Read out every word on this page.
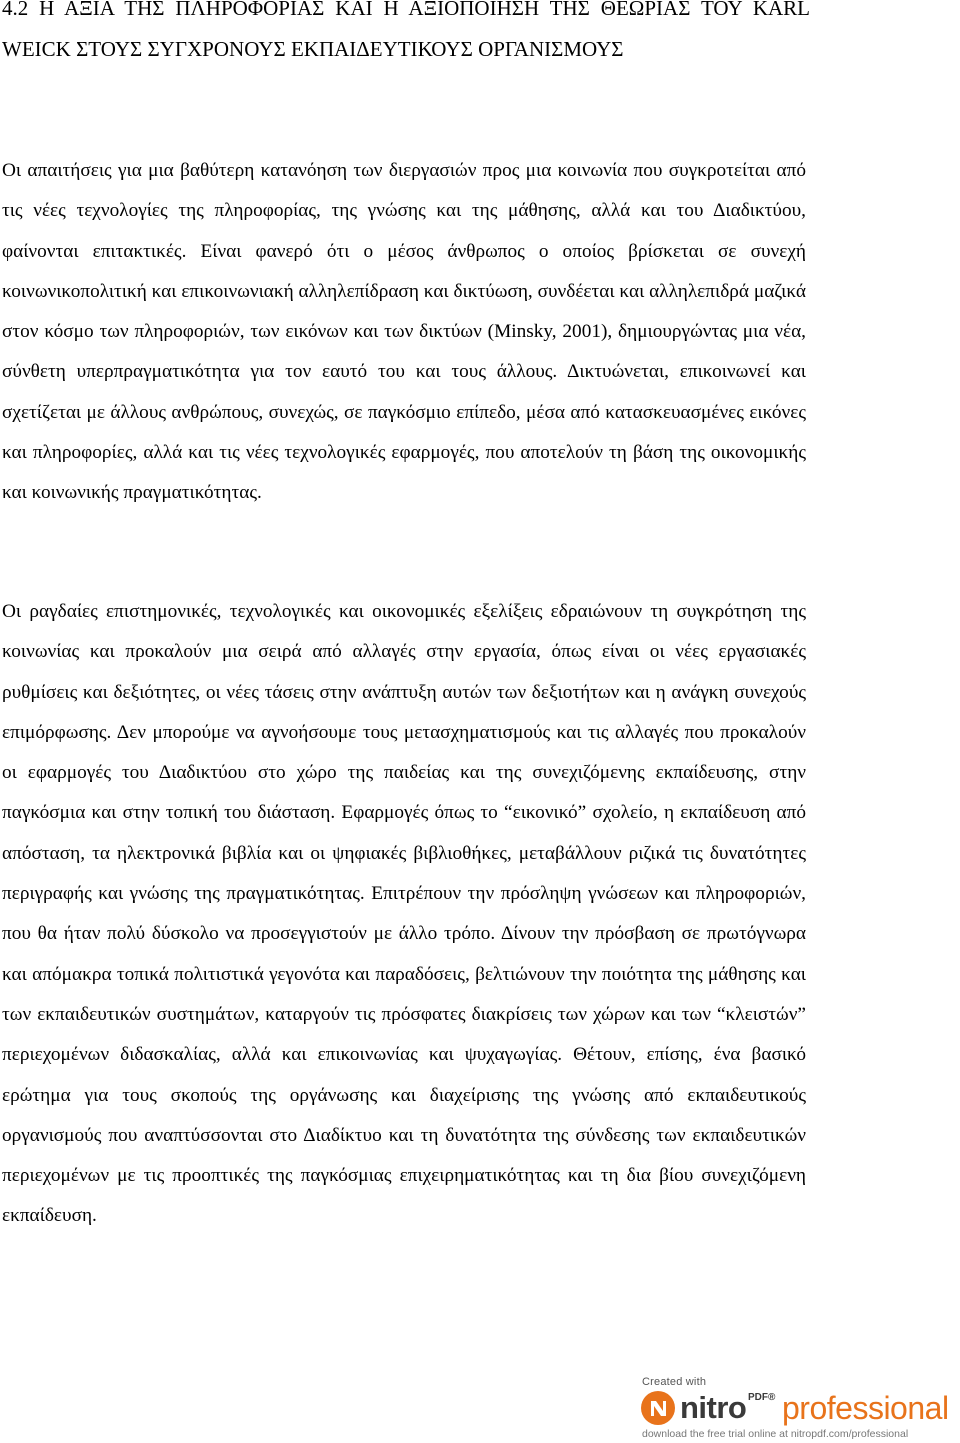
4.2 Η ΑΞΙΑ ΤΗΣ ΠΛΗΡΟΦΟΡΙΑΣ ΚΑΙ Η ΑΞΙΟΠΟΙΗΣΗ ΤΗΣ ΘΕΩΡΙΑΣ ΤΟΥ KARL WEICK ΣΤΟΥΣ ΣΥΓΧΡΟΝΟΥΣ ΕΚΠΑΙΔΕΥΤΙΚΟΥΣ ΟΡΓΑΝΙΣΜΟΥΣ

Οι απαιτήσεις για μια βαθύτερη κατανόηση των διεργασιών προς μια κοινωνία που συγκροτείται από τις νέες τεχνολογίες της πληροφορίας, της γνώσης και της μάθησης, αλλά και του Διαδικτύου, φαίνονται επιτακτικές. Είναι φανερό ότι ο μέσος άνθρωπος ο οποίος βρίσκεται σε συνεχή κοινωνικοπολιτική και επικοινωνιακή αλληλεπίδραση και δικτύωση, συνδέεται και αλληλεπιδρά μαζικά στον κόσμο των πληροφοριών, των εικόνων και των δικτύων (Minsky, 2001), δημιουργώντας μια νέα, σύνθετη υπερπραγματικότητα για τον εαυτό του και τους άλλους. Δικτυώνεται, επικοινωνεί και σχετίζεται με άλλους ανθρώπους, συνεχώς, σε παγκόσμιο επίπεδο, μέσα από κατασκευασμένες εικόνες και πληροφορίες, αλλά και τις νέες τεχνολογικές εφαρμογές, που αποτελούν τη βάση της οικονομικής και κοινωνικής πραγματικότητας.

Οι ραγδαίες επιστημονικές, τεχνολογικές και οικονομικές εξελίξεις εδραιώνουν τη συγκρότηση της κοινωνίας και προκαλούν μια σειρά από αλλαγές στην εργασία, όπως είναι οι νέες εργασιακές ρυθμίσεις και δεξιότητες, οι νέες τάσεις στην ανάπτυξη αυτών των δεξιοτήτων και η ανάγκη συνεχούς επιμόρφωσης. Δεν μπορούμε να αγνοήσουμε τους μετασχηματισμούς και τις αλλαγές που προκαλούν οι εφαρμογές του Διαδικτύου στο χώρο της παιδείας και της συνεχιζόμενης εκπαίδευσης, στην παγκόσμια και στην τοπική του διάσταση. Εφαρμογές όπως το “εικονικό” σχολείο, η εκπαίδευση από απόσταση, τα ηλεκτρονικά βιβλία και οι ψηφιακές βιβλιοθήκες, μεταβάλλουν ριζικά τις δυνατότητες περιγραφής και γνώσης της πραγματικότητας. Επιτρέπουν την πρόσληψη γνώσεων και πληροφοριών, που θα ήταν πολύ δύσκολο να προσεγγιστούν με άλλο τρόπο. Δίνουν την πρόσβαση σε πρωτόγνωρα και απόμακρα τοπικά πολιτιστικά γεγονότα και παραδόσεις, βελτιώνουν την ποιότητα της μάθησης και των εκπαιδευτικών συστημάτων, καταργούν τις πρόσφατες διακρίσεις των χώρων και των “κλειστών” περιεχομένων διδασκαλίας, αλλά και επικοινωνίας και ψυχαγωγίας. Θέτουν, επίσης, ένα βασικό ερώτημα για τους σκοπούς της οργάνωσης και διαχείρισης της γνώσης από εκπαιδευτικούς οργανισμούς που αναπτύσσονται στο Διαδίκτυο και τη δυνατότητα της σύνδεσης των εκπαιδευτικών περιεχομένων με τις προοπτικές της παγκόσμιας επιχειρηματικότητας και τη δια βίου συνεχιζόμενη εκπαίδευση.

Created with
nitro PDF® professional
download the free trial online at nitropdf.com/professional
